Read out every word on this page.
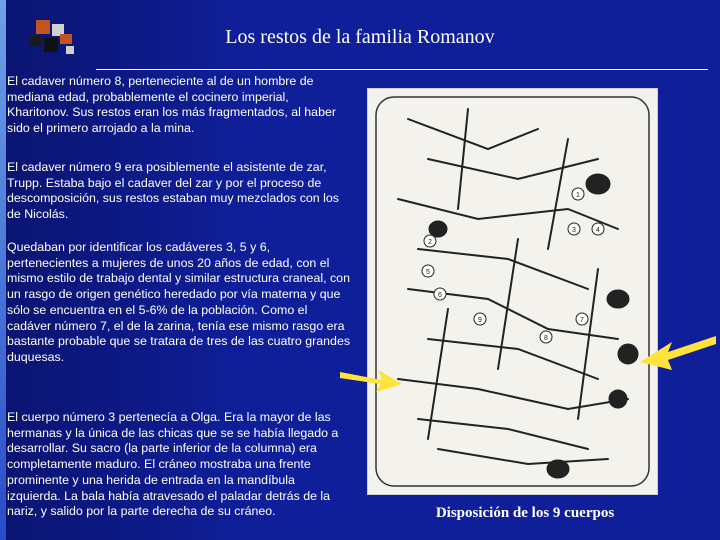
Los restos de la familia Romanov

El cadaver número 8, perteneciente al de un hombre de mediana edad, probablemente el cocinero imperial, Kharitonov. Sus restos eran los más fragmentados, al haber sido el primero arrojado a la mina.

El cadaver número 9 era posiblemente el asistente de zar, Trupp. Estaba bajo el cadaver del zar y por el proceso de descomposición, sus restos estaban muy mezclados con los de Nicolás.

Quedaban por identificar los cadáveres 3, 5 y 6, pertenecientes a mujeres de unos 20 años de edad, con el mismo estilo de trabajo dental y similar estructura craneal, con un rasgo de origen genético heredado por vía materna y que sólo se encuentra en el 5-6% de la población. Como el cadáver número 7, el de la zarina, tenía ese mismo rasgo era bastante probable que se tratara de tres de las cuatro grandes duquesas.

El cuerpo número 3 pertenecía a Olga. Era la mayor de las hermanas y la única de las chicas que se se había llegado a desarrollar. Su sacro (la parte inferior de la columna) era completamente maduro. El cráneo mostraba una frente prominente y una herida de entrada en la mandíbula izquierda. La bala había atravesado el paladar detrás de la nariz, y salido por la parte derecha de su cráneo.

1
2
3	4
5
6
7
8
9
Disposición de los 9 cuerpos
